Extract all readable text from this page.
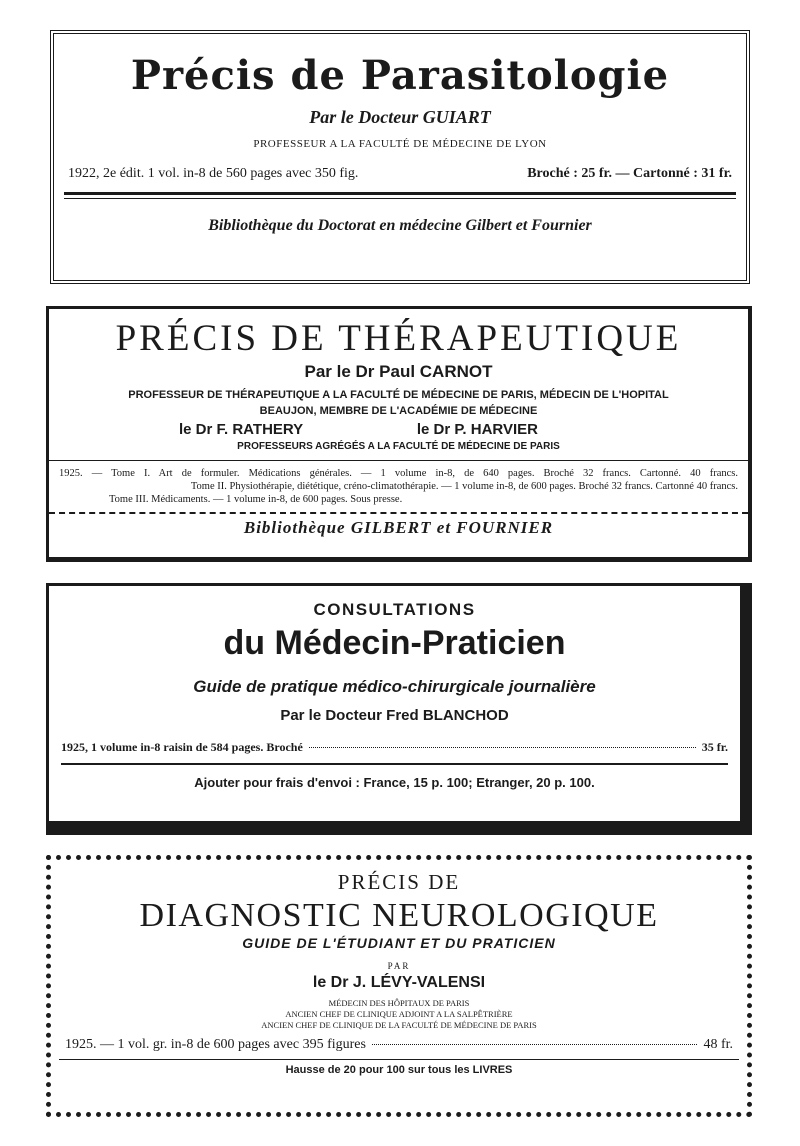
Précis de Parasitologie
Par le Docteur GUIART
PROFESSEUR A LA FACULTÉ DE MÉDECINE DE LYON
1922, 2e édit. 1 vol. in-8 de 560 pages avec 350 fig.	Broché : 25 fr. — Cartonné : 31 fr.
Bibliothèque du Doctorat en médecine Gilbert et Fournier
PRÉCIS DE THÉRAPEUTIQUE
Par le Dr Paul CARNOT
PROFESSEUR DE THÉRAPEUTIQUE A LA FACULTÉ DE MÉDECINE DE PARIS, MÉDECIN DE L'HOPITAL
BEAUJON, MEMBRE DE L'ACADÉMIE DE MÉDECINE
le Dr F. RATHERY	le Dr P. HARVIER
PROFESSEURS AGRÉGÉS A LA FACULTÉ DE MÉDECINE DE PARIS
1925. — Tome I. Art de formuler. Médications générales. — 1 volume in-8, de 640 pages. Broché 32 francs. Cartonné. 40 francs.
Tome II. Physiothérapie, diététique, créno-climatothérapie. — 1 volume in-8, de 600 pages. Broché 32 francs. Cartonné 40 francs.
Tome III. Médicaments. — 1 volume in-8, de 600 pages. Sous presse.
Bibliothèque GILBERT et FOURNIER
CONSULTATIONS
du Médecin-Praticien
Guide de pratique médico-chirurgicale journalière
Par le Docteur Fred BLANCHOD
1925, 1 volume in-8 raisin de 584 pages. Broché	35 fr.
Ajouter pour frais d'envoi : France, 15 p. 100; Etranger, 20 p. 100.
PRÉCIS DE
DIAGNOSTIC NEUROLOGIQUE
GUIDE DE L'ÉTUDIANT ET DU PRATICIEN
PAR
le Dr J. LÉVY-VALENSI
MÉDECIN DES HÔPITAUX DE PARIS
ANCIEN CHEF DE CLINIQUE ADJOINT A LA SALPÊTRIÈRE
ANCIEN CHEF DE CLINIQUE DE LA FACULTÉ DE MÉDECINE DE PARIS
1925. — 1 vol. gr. in-8 de 600 pages avec 395 figures	48 fr.
Hausse de 20 pour 100 sur tous les LIVRES
